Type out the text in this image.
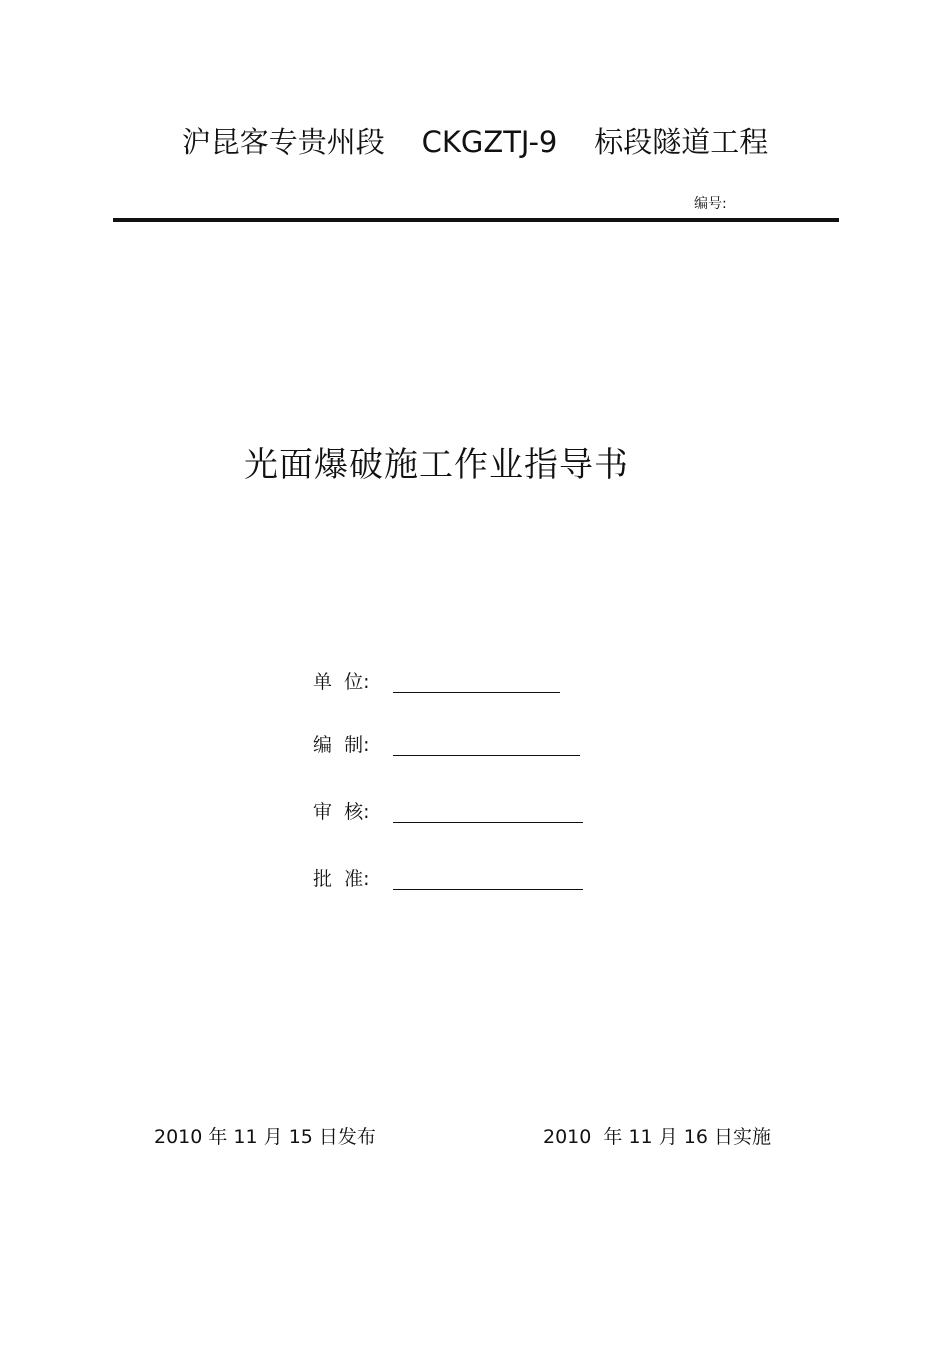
沪昆客专贵州段    CKGZTJ-9    标段隧道工程
编号:
光面爆破施工作业指导书
单  位:
编  制:
审  核:
批  准:
2010 年 11 月 15 日发布	2010  年 11 月 16 日实施
